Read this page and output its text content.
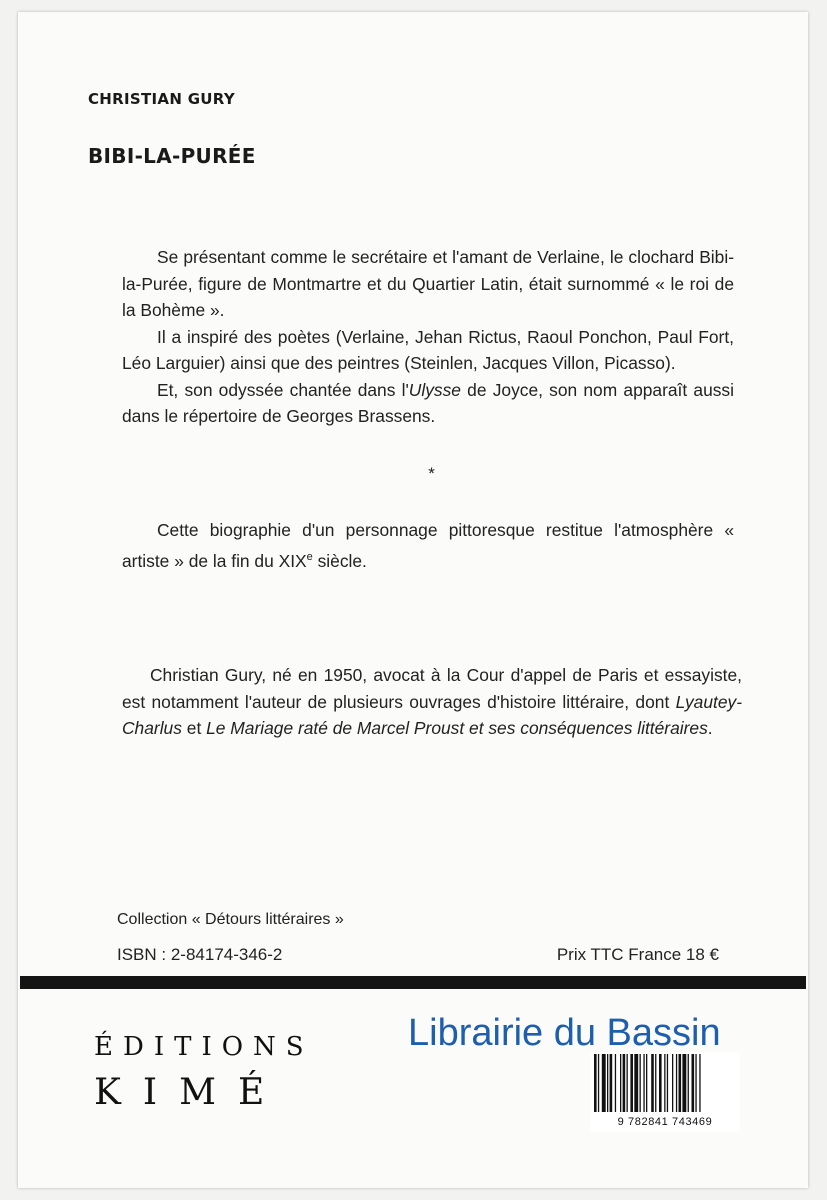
CHRISTIAN GURY
BIBI-LA-PURÉE

Se présentant comme le secrétaire et l'amant de Verlaine, le clochard Bibi-la-Purée, figure de Montmartre et du Quartier Latin, était surnommé « le roi de la Bohème ».

Il a inspiré des poètes (Verlaine, Jehan Rictus, Raoul Ponchon, Paul Fort, Léo Larguier) ainsi que des peintres (Steinlen, Jacques Villon, Picasso).

Et, son odyssée chantée dans l'Ulysse de Joyce, son nom apparaît aussi dans le répertoire de Georges Brassens.

*

Cette biographie d'un personnage pittoresque restitue l'atmosphère « artiste » de la fin du XIXe siècle.

Christian Gury, né en 1950, avocat à la Cour d'appel de Paris et essayiste, est notamment l'auteur de plusieurs ouvrages d'histoire littéraire, dont Lyautey-Charlus et Le Mariage raté de Marcel Proust et ses conséquences littéraires.

Collection « Détours littéraires »
ISBN : 2-84174-346-2	Prix TTC France 18 €
ÉDITIONS
KIMÉ
9 782841 743469
Librairie du Bassin
